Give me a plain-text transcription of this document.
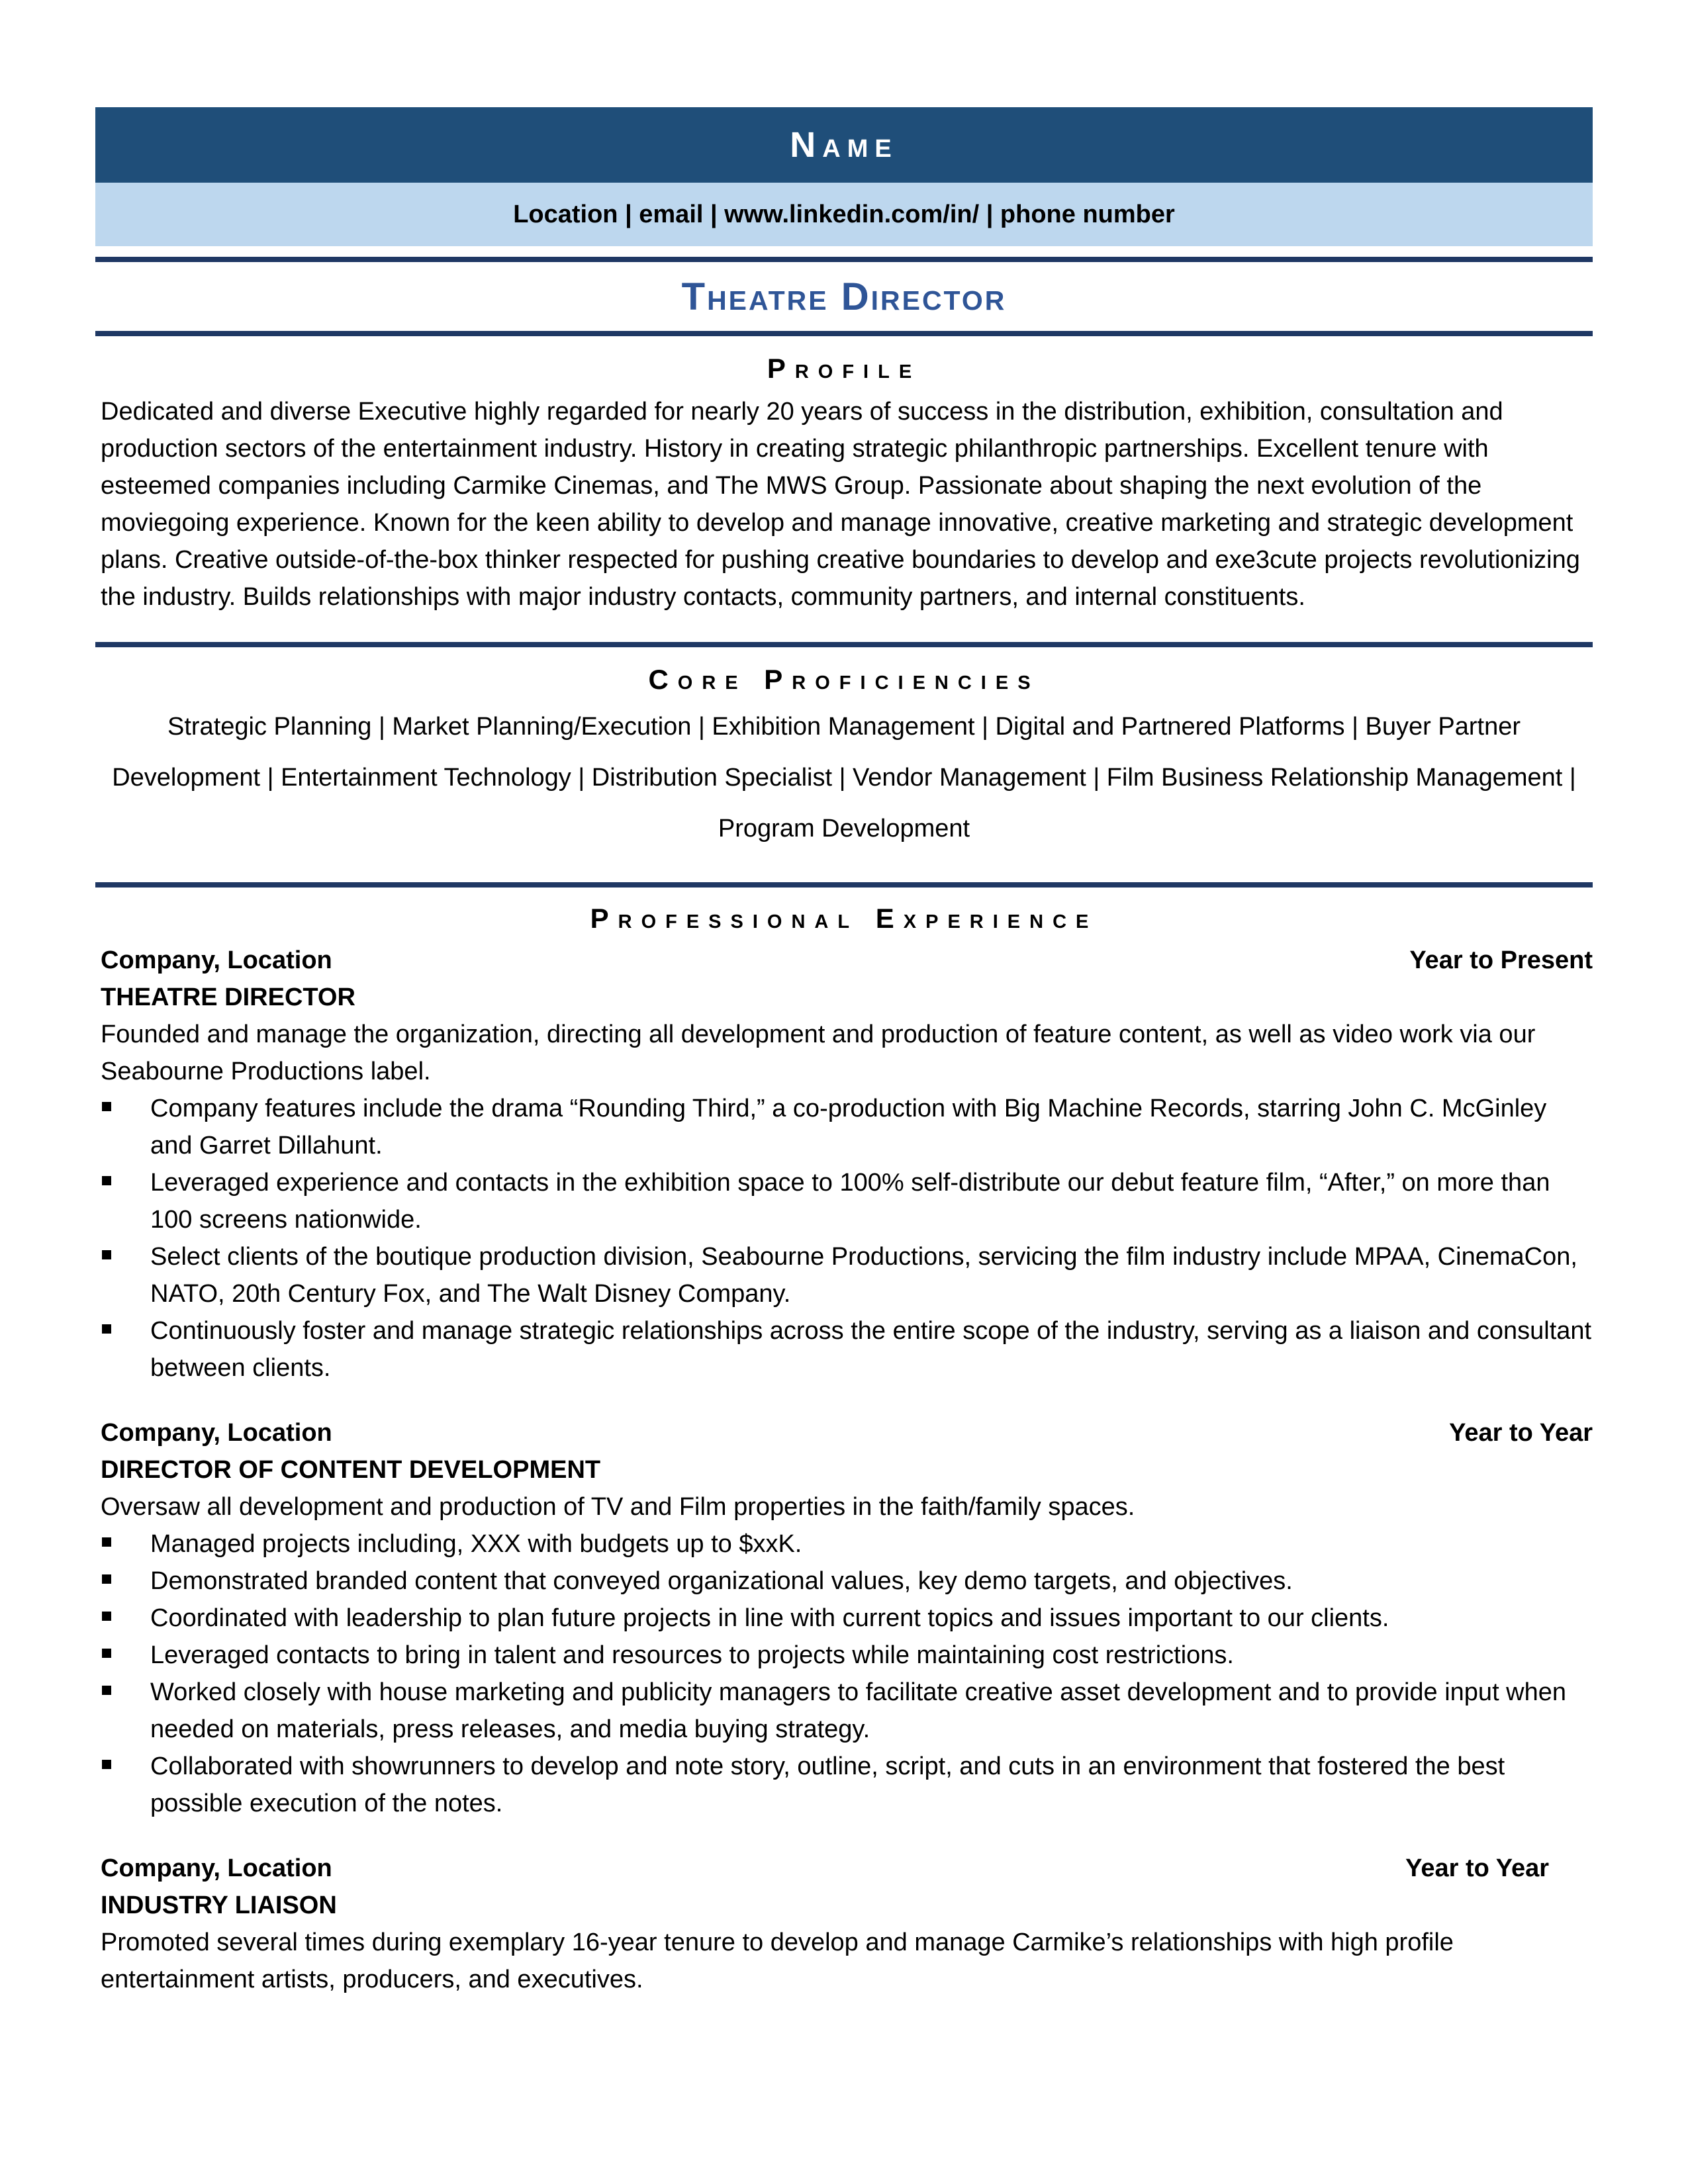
Name
Location | email | www.linkedin.com/in/ | phone number
Theatre Director
Profile
Dedicated and diverse Executive highly regarded for nearly 20 years of success in the distribution, exhibition, consultation and production sectors of the entertainment industry. History in creating strategic philanthropic partnerships. Excellent tenure with esteemed companies including Carmike Cinemas, and The MWS Group. Passionate about shaping the next evolution of the moviegoing experience. Known for the keen ability to develop and manage innovative, creative marketing and strategic development plans. Creative outside-of-the-box thinker respected for pushing creative boundaries to develop and exe3cute projects revolutionizing the industry. Builds relationships with major industry contacts, community partners, and internal constituents.
Core Proficiencies
Strategic Planning | Market Planning/Execution | Exhibition Management | Digital and Partnered Platforms | Buyer Partner Development | Entertainment Technology | Distribution Specialist | Vendor Management | Film Business Relationship Management | Program Development
Professional Experience
Company, Location	Year to Present
THEATRE DIRECTOR
Founded and manage the organization, directing all development and production of feature content, as well as video work via our Seabourne Productions label.
Company features include the drama “Rounding Third,” a co-production with Big Machine Records, starring John C. McGinley and Garret Dillahunt.
Leveraged experience and contacts in the exhibition space to 100% self-distribute our debut feature film, “After,” on more than 100 screens nationwide.
Select clients of the boutique production division, Seabourne Productions, servicing the film industry include MPAA, CinemaCon, NATO, 20th Century Fox, and The Walt Disney Company.
Continuously foster and manage strategic relationships across the entire scope of the industry, serving as a liaison and consultant between clients.
Company, Location	Year to Year
DIRECTOR OF CONTENT DEVELOPMENT
Oversaw all development and production of TV and Film properties in the faith/family spaces.
Managed projects including, XXX with budgets up to $xxK.
Demonstrated branded content that conveyed organizational values, key demo targets, and objectives.
Coordinated with leadership to plan future projects in line with current topics and issues important to our clients.
Leveraged contacts to bring in talent and resources to projects while maintaining cost restrictions.
Worked closely with house marketing and publicity managers to facilitate creative asset development and to provide input when needed on materials, press releases, and media buying strategy.
Collaborated with showrunners to develop and note story, outline, script, and cuts in an environment that fostered the best possible execution of the notes.
Company, Location	Year to Year
INDUSTRY LIAISON
Promoted several times during exemplary 16-year tenure to develop and manage Carmike’s relationships with high profile entertainment artists, producers, and executives.
